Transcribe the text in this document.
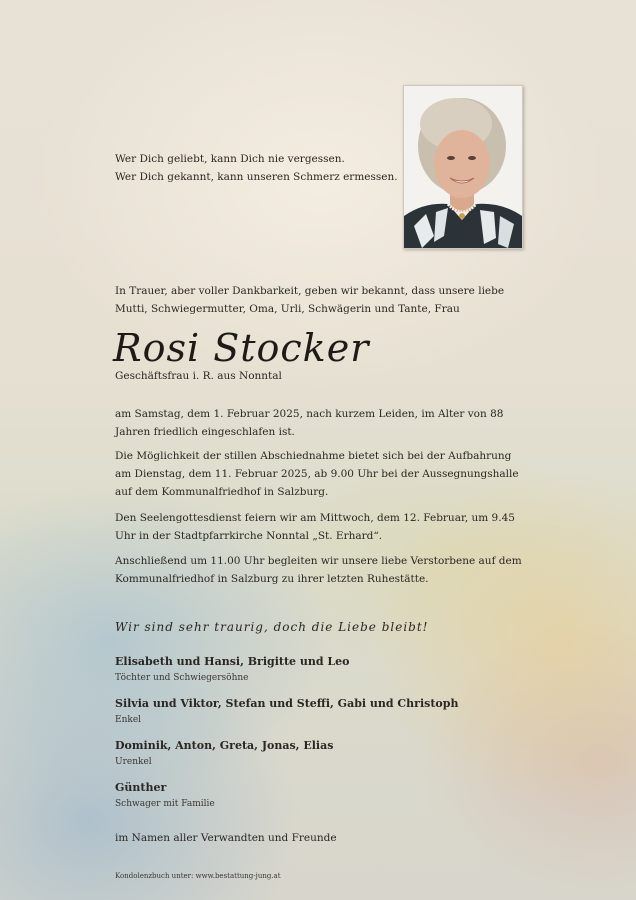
Wer Dich geliebt, kann Dich nie vergessen.
Wer Dich gekannt, kann unseren Schmerz ermessen.
In Trauer, aber voller Dankbarkeit, geben wir bekannt, dass unsere liebe Mutti, Schwiegermutter, Oma, Urli, Schwägerin und Tante, Frau
Rosi Stocker
Geschäftsfrau i. R. aus Nonntal
am Samstag, dem 1. Februar 2025, nach kurzem Leiden, im Alter von 88 Jahren friedlich eingeschlafen ist.
Die Möglichkeit der stillen Abschiednahme bietet sich bei der Aufbahrung am Dienstag, dem 11. Februar 2025, ab 9.00 Uhr bei der Aussegnungshalle auf dem Kommunalfriedhof in Salzburg.
Den Seelengottesdienst feiern wir am Mittwoch, dem 12. Februar, um 9.45 Uhr in der Stadtpfarrkirche Nonntal „St. Erhard“.
Anschließend um 11.00 Uhr begleiten wir unsere liebe Verstorbene auf dem Kommunalfriedhof in Salzburg zu ihrer letzten Ruhestätte.
Wir sind sehr traurig, doch die Liebe bleibt!
Elisabeth und Hansi, Brigitte und Leo
Töchter und Schwiegersöhne
Silvia und Viktor, Stefan und Steffi, Gabi und Christoph
Enkel
Dominik, Anton, Greta, Jonas, Elias
Urenkel
Günther
Schwager mit Familie
im Namen aller Verwandten und Freunde
Kondolenzbuch unter: www.bestattung-jung.at
